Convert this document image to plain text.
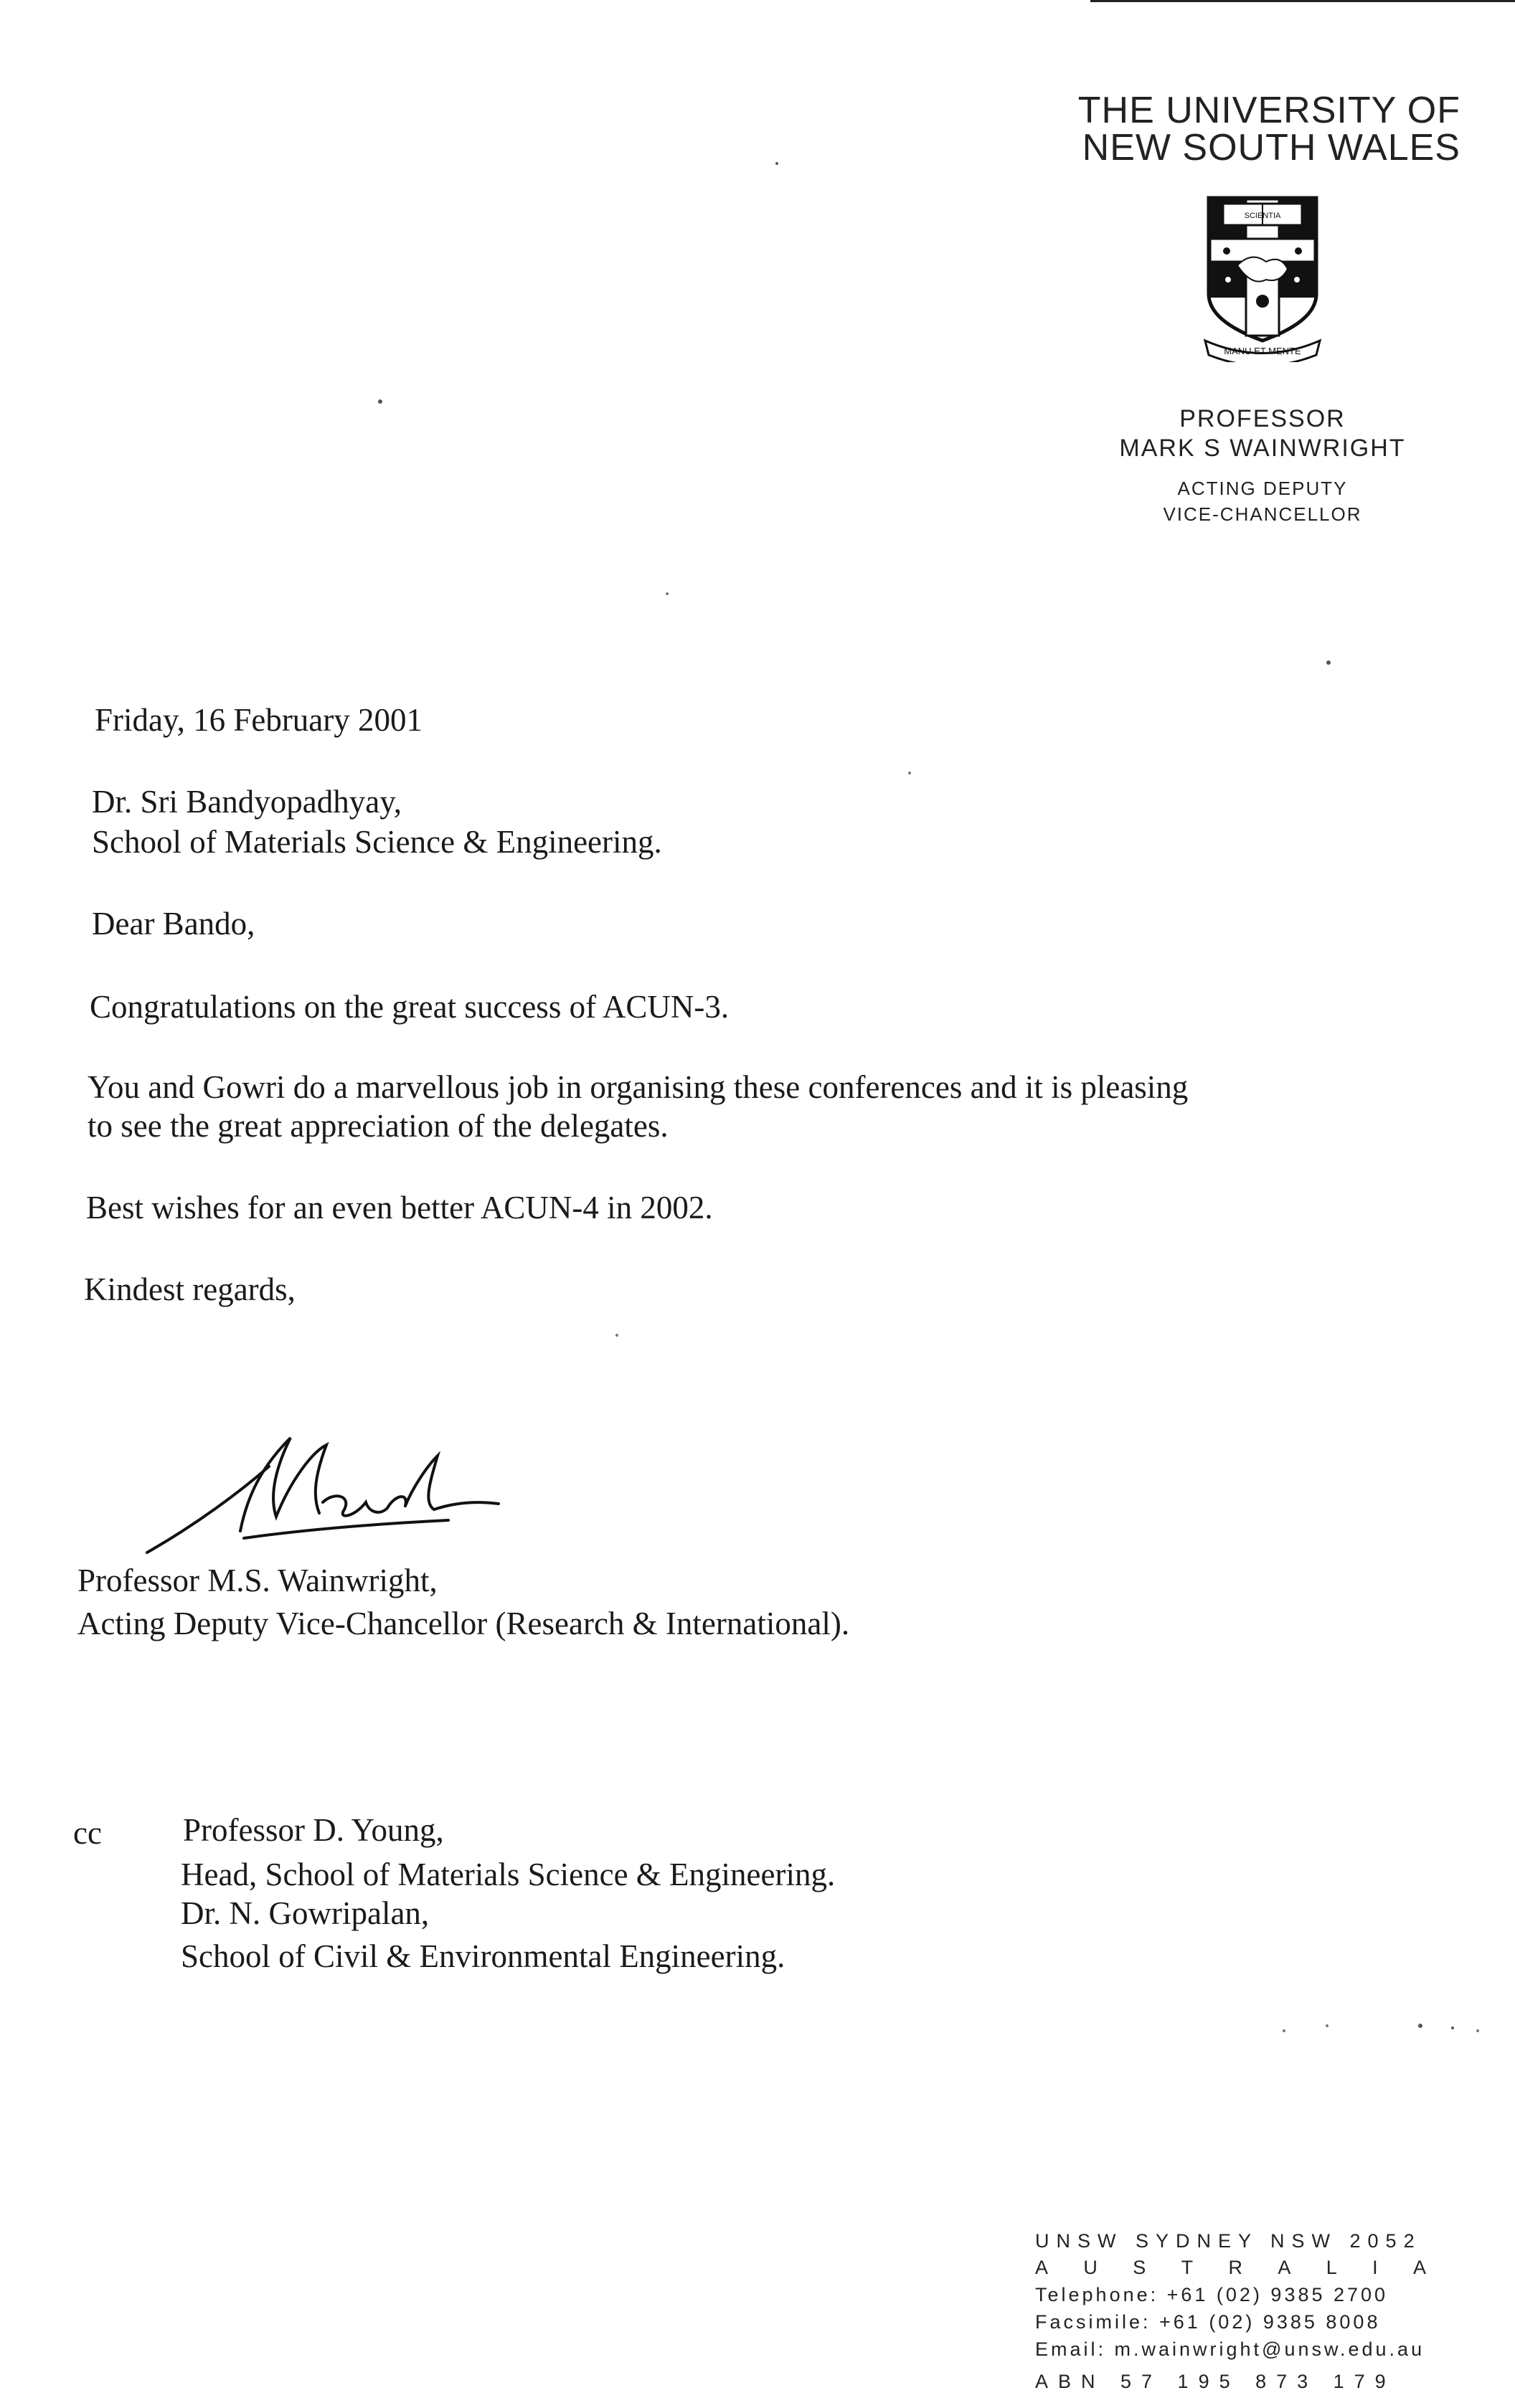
THE UNIVERSITY OF
NEW SOUTH WALES
SCIENTIA
MANU ET MENTE
PROFESSOR
MARK S WAINWRIGHT
ACTING DEPUTY
VICE-CHANCELLOR
Friday, 16 February 2001
Dr. Sri Bandyopadhyay,
School of Materials Science & Engineering.
Dear Bando,
Congratulations on the great success of ACUN-3.
You and Gowri do a marvellous job in organising these conferences and it is pleasing
to see the great appreciation of the delegates.
Best wishes for an even better ACUN-4 in 2002.
Kindest regards,
Professor M.S. Wainwright,
Acting Deputy Vice-Chancellor (Research & International).
cc	Professor D. Young,
Head, School of Materials Science & Engineering.
Dr. N. Gowripalan,
School of Civil & Environmental Engineering.
UNSW SYDNEY NSW 2052
A U S T R A L I A
Telephone: +61 (02) 9385 2700
Facsimile: +61 (02) 9385 8008
Email: m.wainwright@unsw.edu.au
ABN 57 195 873 179
